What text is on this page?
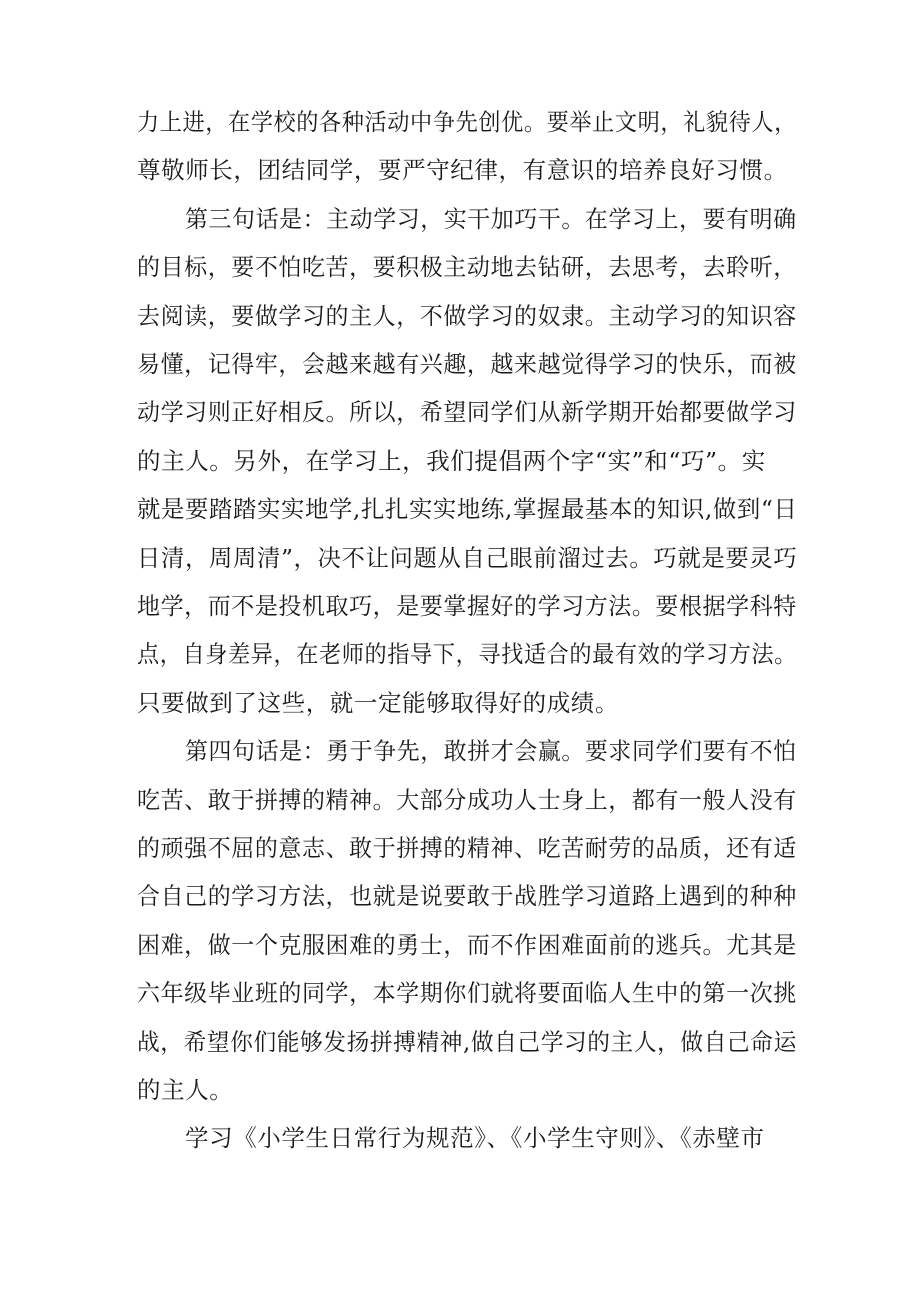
力上进，在学校的各种活动中争先创优。要举止文明，礼貌待人，
尊敬师长，团结同学，要严守纪律，有意识的培养良好习惯。
第三句话是：主动学习，实干加巧干。在学习上，要有明确
的目标，要不怕吃苦，要积极主动地去钻研，去思考，去聆听，
去阅读，要做学习的主人，不做学习的奴隶。主动学习的知识容
易懂，记得牢，会越来越有兴趣，越来越觉得学习的快乐，而被
动学习则正好相反。所以，希望同学们从新学期开始都要做学习
的主人。另外，在学习上，我们提倡两个字“实”和“巧”。实
就是要踏踏实实地学,扎扎实实地练,掌握最基本的知识,做到“日
日清，周周清”，决不让问题从自己眼前溜过去。巧就是要灵巧
地学，而不是投机取巧，是要掌握好的学习方法。要根据学科特
点，自身差异，在老师的指导下，寻找适合的最有效的学习方法。
只要做到了这些，就一定能够取得好的成绩。
第四句话是：勇于争先，敢拼才会赢。要求同学们要有不怕
吃苦、敢于拼搏的精神。大部分成功人士身上，都有一般人没有
的顽强不屈的意志、敢于拼搏的精神、吃苦耐劳的品质，还有适
合自己的学习方法，也就是说要敢于战胜学习道路上遇到的种种
困难，做一个克服困难的勇士，而不作困难面前的逃兵。尤其是
六年级毕业班的同学，本学期你们就将要面临人生中的第一次挑
战，希望你们能够发扬拼搏精神,做自己学习的主人，做自己命运
的主人。
学习《小学生日常行为规范》、《小学生守则》、《赤壁市
